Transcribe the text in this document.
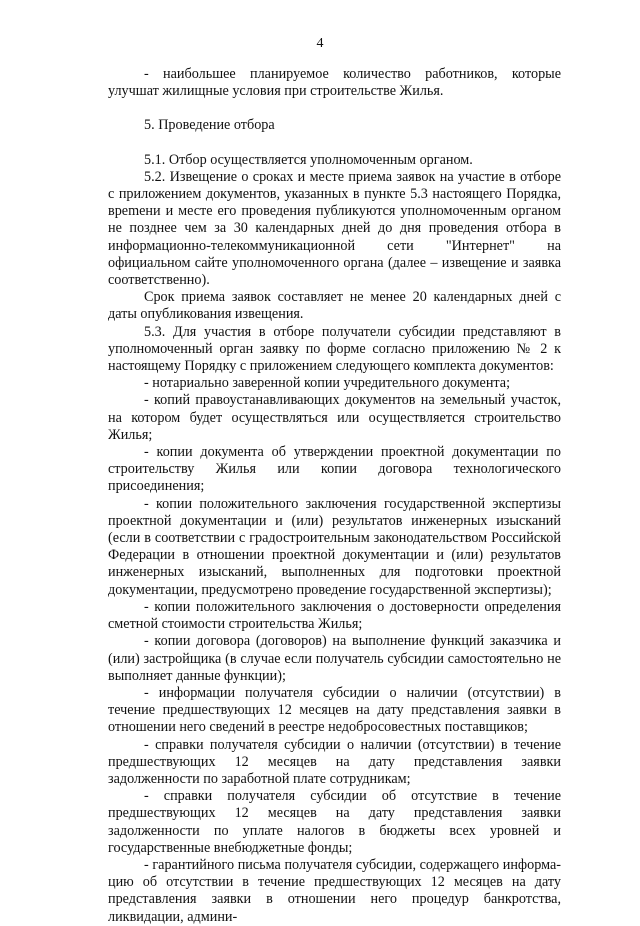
4

- наибольшее планируемое количество работников, которые улучшат жилищные условия при строительстве Жилья.

5. Проведение отбора

5.1. Отбор осуществляется уполномоченным органом.

5.2. Извещение о сроках и месте приема заявок на участие в отборе с приложением документов, указанных в пункте 5.3 настоящего Порядка, вреmени и месте его проведения публикуются уполномоченным органом не позднее чем за 30 календарных дней до дня проведения отбора в информационно-телекоммуникационной сети "Интернет" на официальном сайте уполномоченного органа (далее – извещение и заявка соответственно).

Срок приема заявок составляет не менее 20 календарных дней с даты опубликования извещения.

5.3. Для участия в отборе получатели субсидии представляют в уполномоченный орган заявку по форме согласно приложению № 2 к настоящему Порядку с приложением следующего комплекта документов:

- нотариально заверенной копии учредительного документа;

- копий правоустанавливающих документов на земельный участок, на котором будет осуществляться или осуществляется строительство Жилья;

- копии документа об утверждении проектной документации по строительству Жилья или копии договора технологического присоединения;

- копии положительного заключения государственной экспертизы проектной документации и (или) результатов инженерных изысканий (если в соответствии с градостроительным законодательством Российской Федерации в отношении проектной документации и (или) результатов инженерных изысканий, выполненных для подготовки проектной документации, предусмотрено проведение государственной экспертизы);

- копии положительного заключения о достоверности определения сметной стоимости строительства Жилья;

- копии договора (договоров) на выполнение функций заказчика и (или) застройщика (в случае если получатель субсидии самостоятельно не выполняет данные функции);

- информации получателя субсидии о наличии (отсутствии) в течение предшествующих 12 месяцев на дату представления заявки в отношении него сведений в реестре недобросовестных поставщиков;

- справки получателя субсидии о наличии (отсутствии) в течение предшествующих 12 месяцев на дату представления заявки задолженности по заработной плате сотрудникам;

- справки получателя субсидии об отсутствие в течение предшествующих 12 месяцев на дату представления заявки задолженности по уплате налогов в бюджеты всех уровней и государственные внебюджетные фонды;

- гарантийного письма получателя субсидии, содержащего информацию об отсутствии в течение предшествующих 12 месяцев на дату представления заявки в отношении него процедур банкротства, ликвидации, админи-
